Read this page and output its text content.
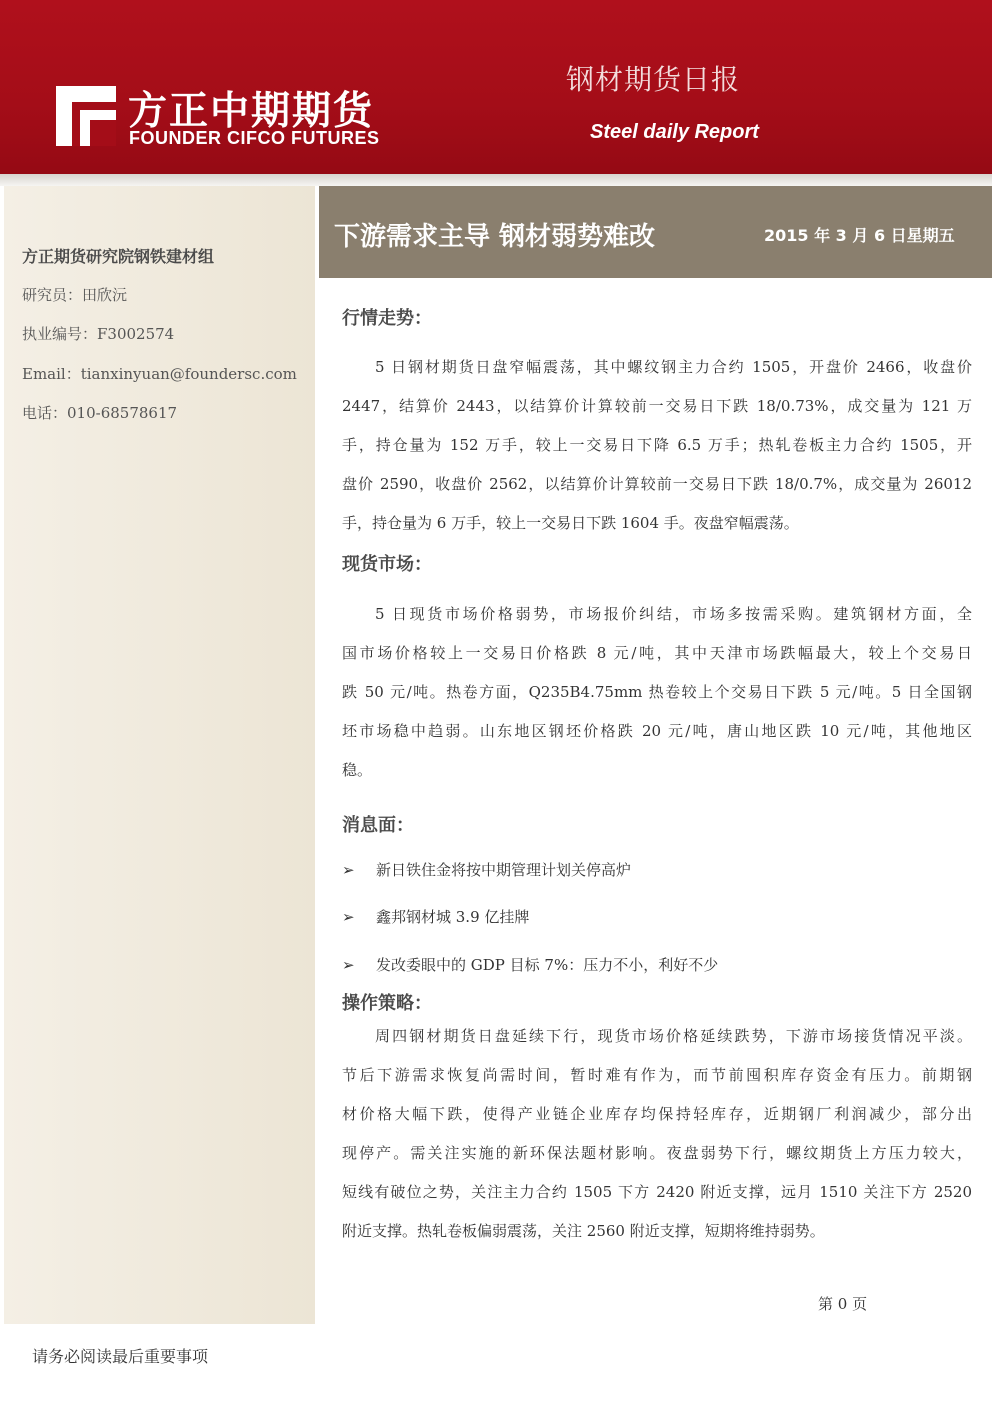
方正中期期货
FOUNDER CIFCO FUTURES
钢材期货日报
Steel daily Report
方正期货研究院钢铁建材组
研究员：田欣沅
执业编号：F3002574
Email：tianxinyuan@foundersc.com
电话：010-68578617
下游需求主导 钢材弱势难改	2015 年 3 月 6 日星期五
行情走势：
5 日钢材期货日盘窄幅震荡，其中螺纹钢主力合约 1505，开盘价 2466，收盘价
2447，结算价 2443，以结算价计算较前一交易日下跌 18/0.73%，成交量为 121 万
手，持仓量为 152 万手，较上一交易日下降 6.5 万手；热轧卷板主力合约 1505，开
盘价 2590，收盘价 2562，以结算价计算较前一交易日下跌 18/0.7%，成交量为 26012
手，持仓量为 6 万手，较上一交易日下跌 1604 手。夜盘窄幅震荡。
现货市场：
5 日现货市场价格弱势，市场报价纠结，市场多按需采购。建筑钢材方面，全
国市场价格较上一交易日价格跌 8 元/吨，其中天津市场跌幅最大，较上个交易日
跌 50 元/吨。热卷方面，Q235B4.75mm 热卷较上个交易日下跌 5 元/吨。5 日全国钢
坯市场稳中趋弱。山东地区钢坯价格跌 20 元/吨，唐山地区跌 10 元/吨，其他地区
稳。
消息面：
➢ 新日铁住金将按中期管理计划关停高炉
➢ 鑫邦钢材城 3.9 亿挂牌
➢ 发改委眼中的 GDP 目标 7%：压力不小，利好不少
操作策略：
周四钢材期货日盘延续下行，现货市场价格延续跌势，下游市场接货情况平淡。
节后下游需求恢复尚需时间，暂时难有作为，而节前囤积库存资金有压力。前期钢
材价格大幅下跌，使得产业链企业库存均保持轻库存，近期钢厂利润减少，部分出
现停产。需关注实施的新环保法题材影响。夜盘弱势下行，螺纹期货上方压力较大，
短线有破位之势，关注主力合约 1505 下方 2420 附近支撑，远月 1510 关注下方 2520
附近支撑。热轧卷板偏弱震荡，关注 2560 附近支撑，短期将维持弱势。
第 0 页
请务必阅读最后重要事项
